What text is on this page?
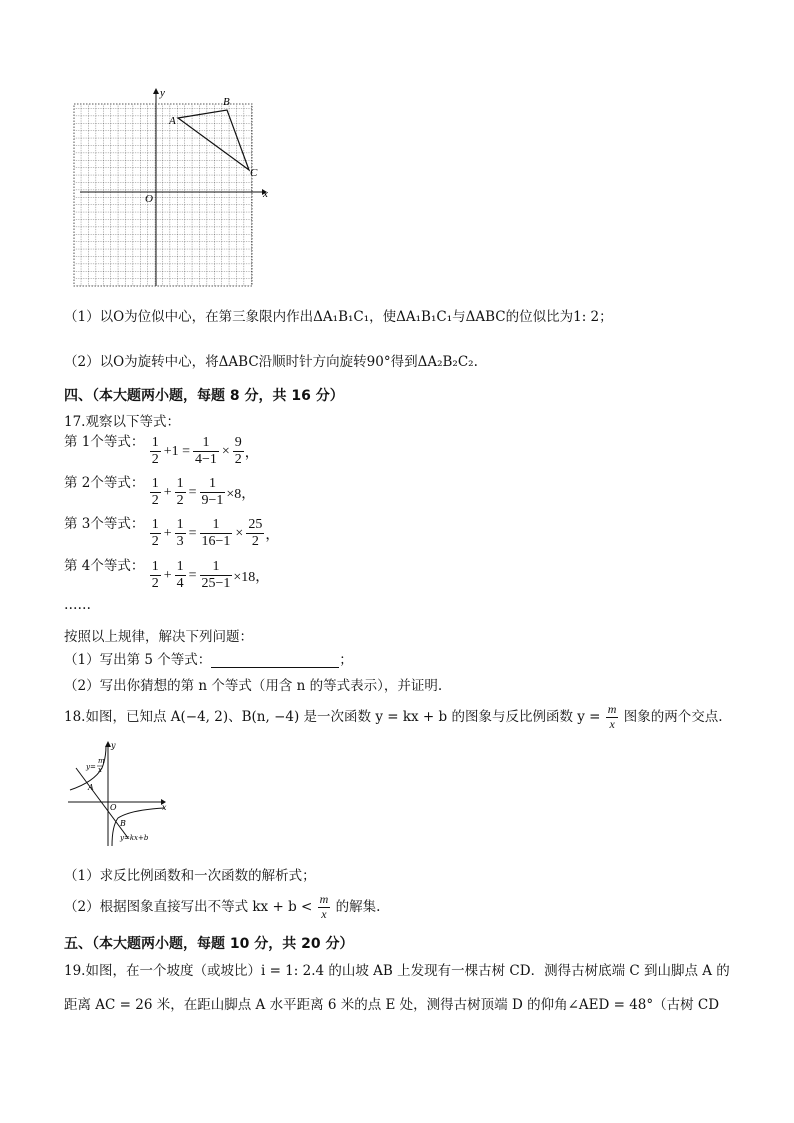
x
y
O
A
B
C
（1）以O为位似中心，在第三象限内作出ΔA₁B₁C₁，使ΔA₁B₁C₁与ΔABC的位似比为1: 2；
（2）以O为旋转中心，将ΔABC沿顺时针方向旋转90°得到ΔA₂B₂C₂.
四、（本大题两小题，每题 8 分，共 16 分）
17.观察以下等式：
第 1个等式： $\frac{1}{2} +1 = \frac{1}{4-1} \times \frac{9}{2}$ ，
第 2个等式： $\frac{1}{2} + \frac{1}{2} = \frac{1}{9-1} \times 8$，
第 3个等式： $\frac{1}{2} + \frac{1}{3} = \frac{1}{16-1} \times \frac{25}{2}$ ，
第 4个等式： $\frac{1}{2} + \frac{1}{4} = \frac{1}{25-1} \times 18$，
……
按照以上规律，解决下列问题：
（1）写出第 5 个等式：	；
（2）写出你猜想的第 n 个等式（用含 n 的等式表示），并证明.
18.如图，已知点 A(−4, 2)、B(n, −4) 是一次函数 y = kx + b 的图象与反比例函数 $y = \frac{m}{x}$ 图象的两个交点.
y
x
O
A
B
y=
m
x
y=kx+b
（1）求反比例函数和一次函数的解析式；
（2）根据图象直接写出不等式 kx + $b < \frac{m}{x}$ 的解集.
五、（本大题两小题，每题 10 分，共 20 分）
19.如图，在一个坡度（或坡比）i = 1: 2.4 的山坡 AB 上发现有一棵古树 CD．测得古树底端 C 到山脚点 A 的
距离 AC = 26 米，在距山脚点 A 水平距离 6 米的点 E 处，测得古树顶端 D 的仰角∠AED = 48°（古树 CD
